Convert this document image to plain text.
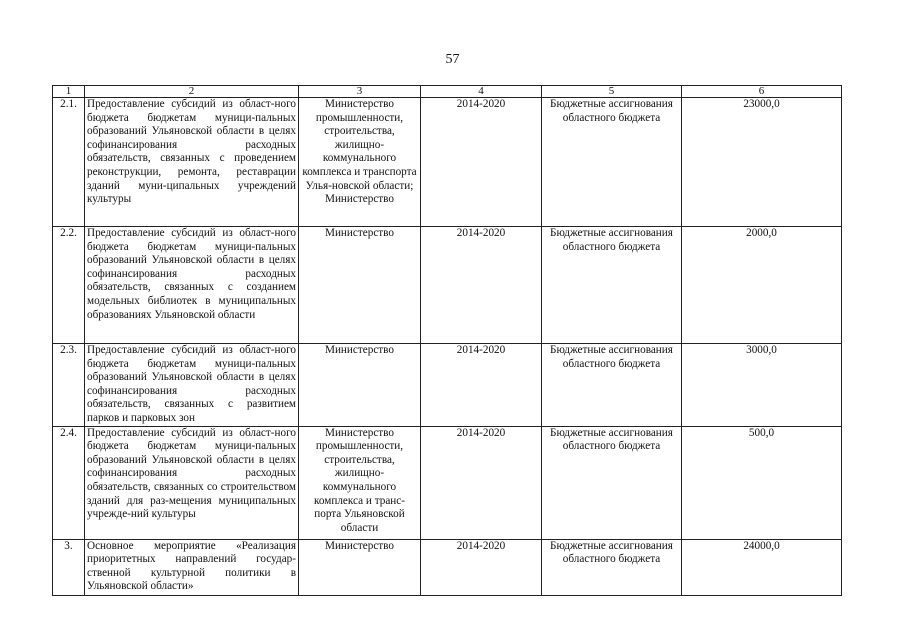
57
1	2	3	4	5	6
2.1.	Предоставление субсидий из област-ного бюджета бюджетам муници-пальных образований Ульяновской области в целях софинансирования расходных обязательств, связанных с проведением реконструкции, ремонта, реставрации зданий муни-ципальных учреждений культуры	Министерство промышленности, строительства, жилищно-коммунального комплекса и транспорта Улья-новской области; Министерство	2014-2020	Бюджетные ассигнования областного бюджета	23000,0
2.2.	Предоставление субсидий из област-ного бюджета бюджетам муници-пальных образований Ульяновской области в целях софинансирования расходных обязательств, связанных с созданием модельных библиотек в муниципальных образованиях Ульяновской области	Министерство	2014-2020	Бюджетные ассигнования областного бюджета	2000,0
2.3.	Предоставление субсидий из област-ного бюджета бюджетам муници-пальных образований Ульяновской области в целях софинансирования расходных обязательств, связанных с развитием парков и парковых зон	Министерство	2014-2020	Бюджетные ассигнования областного бюджета	3000,0
2.4.	Предоставление субсидий из област-ного бюджета бюджетам муници-пальных образований Ульяновской области в целях софинансирования расходных обязательств, связанных со строительством зданий для раз-мещения муниципальных учрежде-ний культуры	Министерство промышленности, строительства, жилищно-коммунального комплекса и транс-порта Ульяновской области	2014-2020	Бюджетные ассигнования областного бюджета	500,0
3.	Основное мероприятие «Реализация приоритетных направлений государ-ственной культурной политики в Ульяновской области»	Министерство	2014-2020	Бюджетные ассигнования областного бюджета	24000,0
